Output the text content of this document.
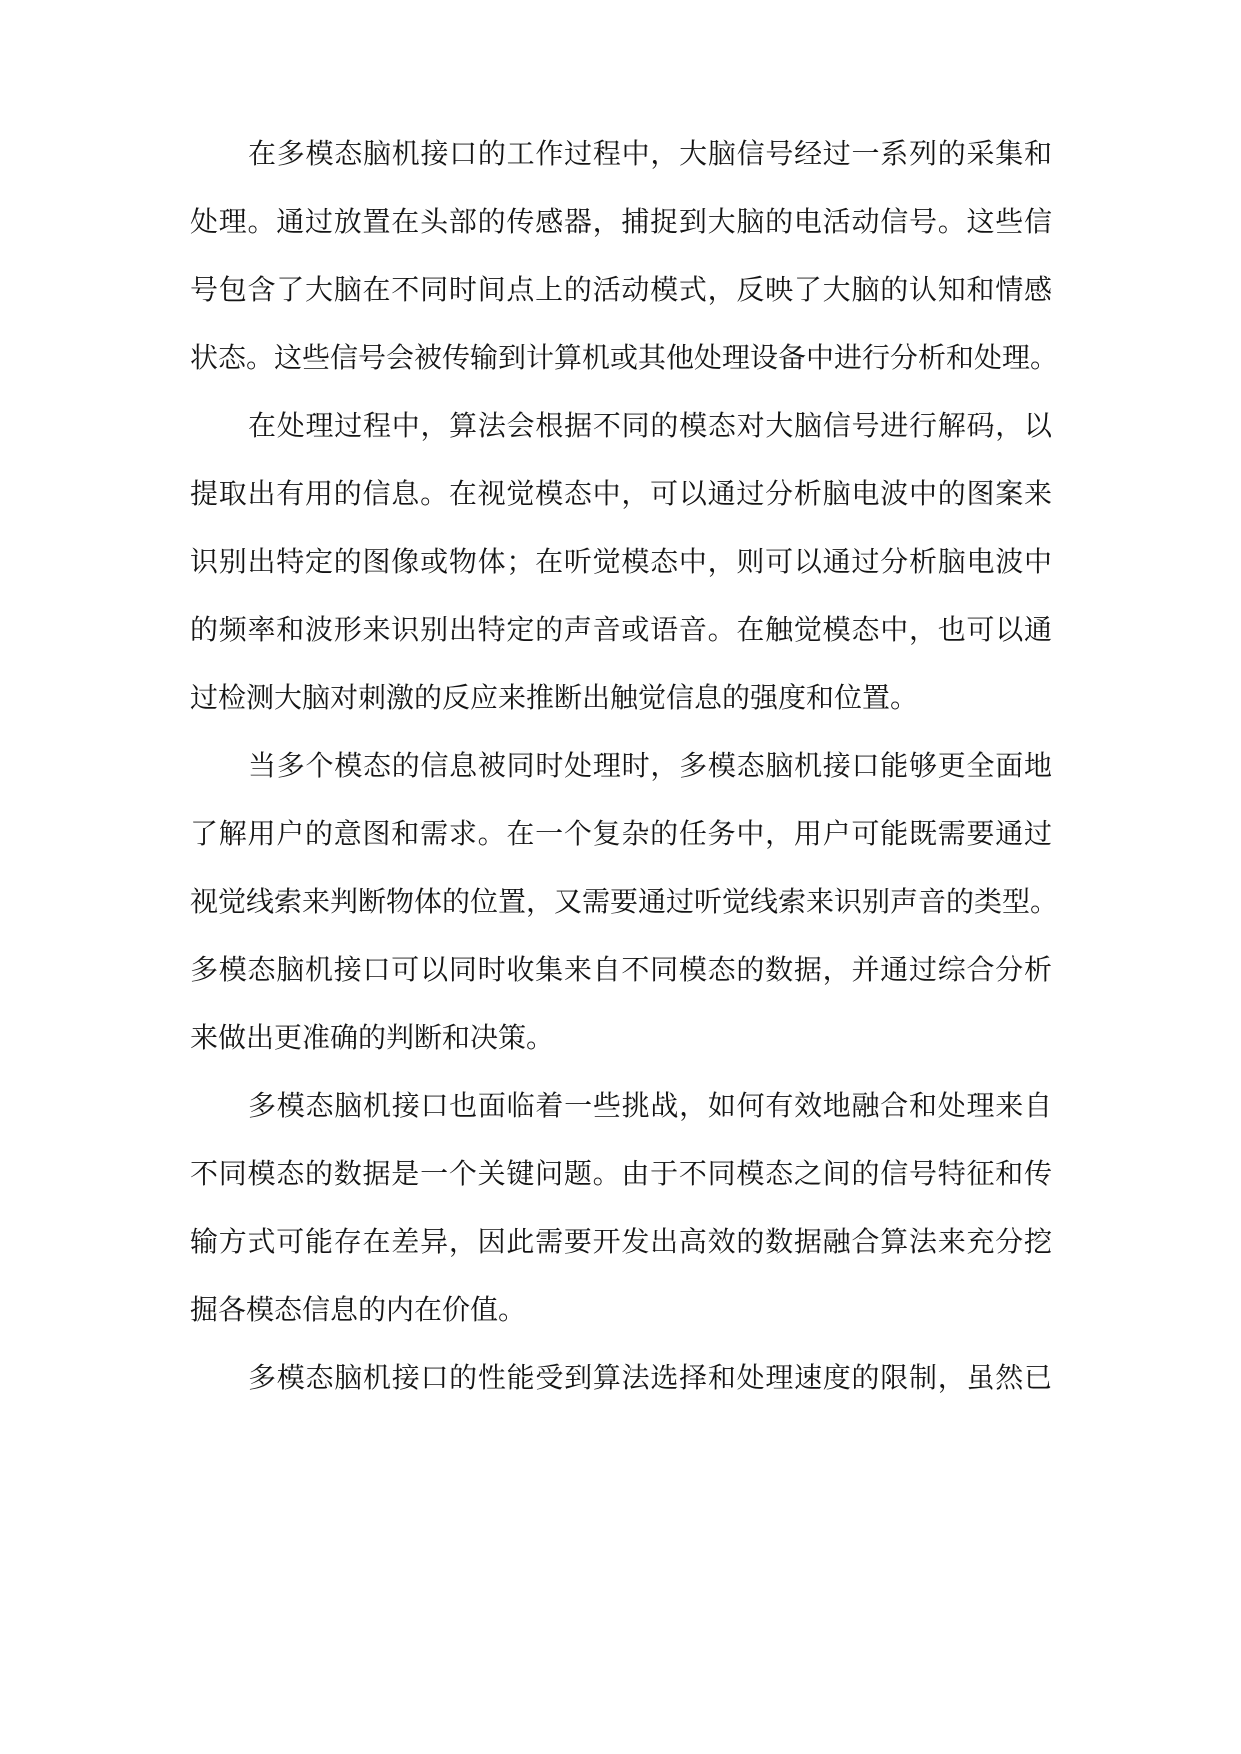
在多模态脑机接口的工作过程中，大脑信号经过一系列的采集和
处理。通过放置在头部的传感器，捕捉到大脑的电活动信号。这些信
号包含了大脑在不同时间点上的活动模式，反映了大脑的认知和情感
状态。这些信号会被传输到计算机或其他处理设备中进行分析和处理。
在处理过程中，算法会根据不同的模态对大脑信号进行解码，以
提取出有用的信息。在视觉模态中，可以通过分析脑电波中的图案来
识别出特定的图像或物体；在听觉模态中，则可以通过分析脑电波中
的频率和波形来识别出特定的声音或语音。在触觉模态中，也可以通
过检测大脑对刺激的反应来推断出触觉信息的强度和位置。
当多个模态的信息被同时处理时，多模态脑机接口能够更全面地
了解用户的意图和需求。在一个复杂的任务中，用户可能既需要通过
视觉线索来判断物体的位置，又需要通过听觉线索来识别声音的类型。
多模态脑机接口可以同时收集来自不同模态的数据，并通过综合分析
来做出更准确的判断和决策。
多模态脑机接口也面临着一些挑战，如何有效地融合和处理来自
不同模态的数据是一个关键问题。由于不同模态之间的信号特征和传
输方式可能存在差异，因此需要开发出高效的数据融合算法来充分挖
掘各模态信息的内在价值。
多模态脑机接口的性能受到算法选择和处理速度的限制，虽然已
